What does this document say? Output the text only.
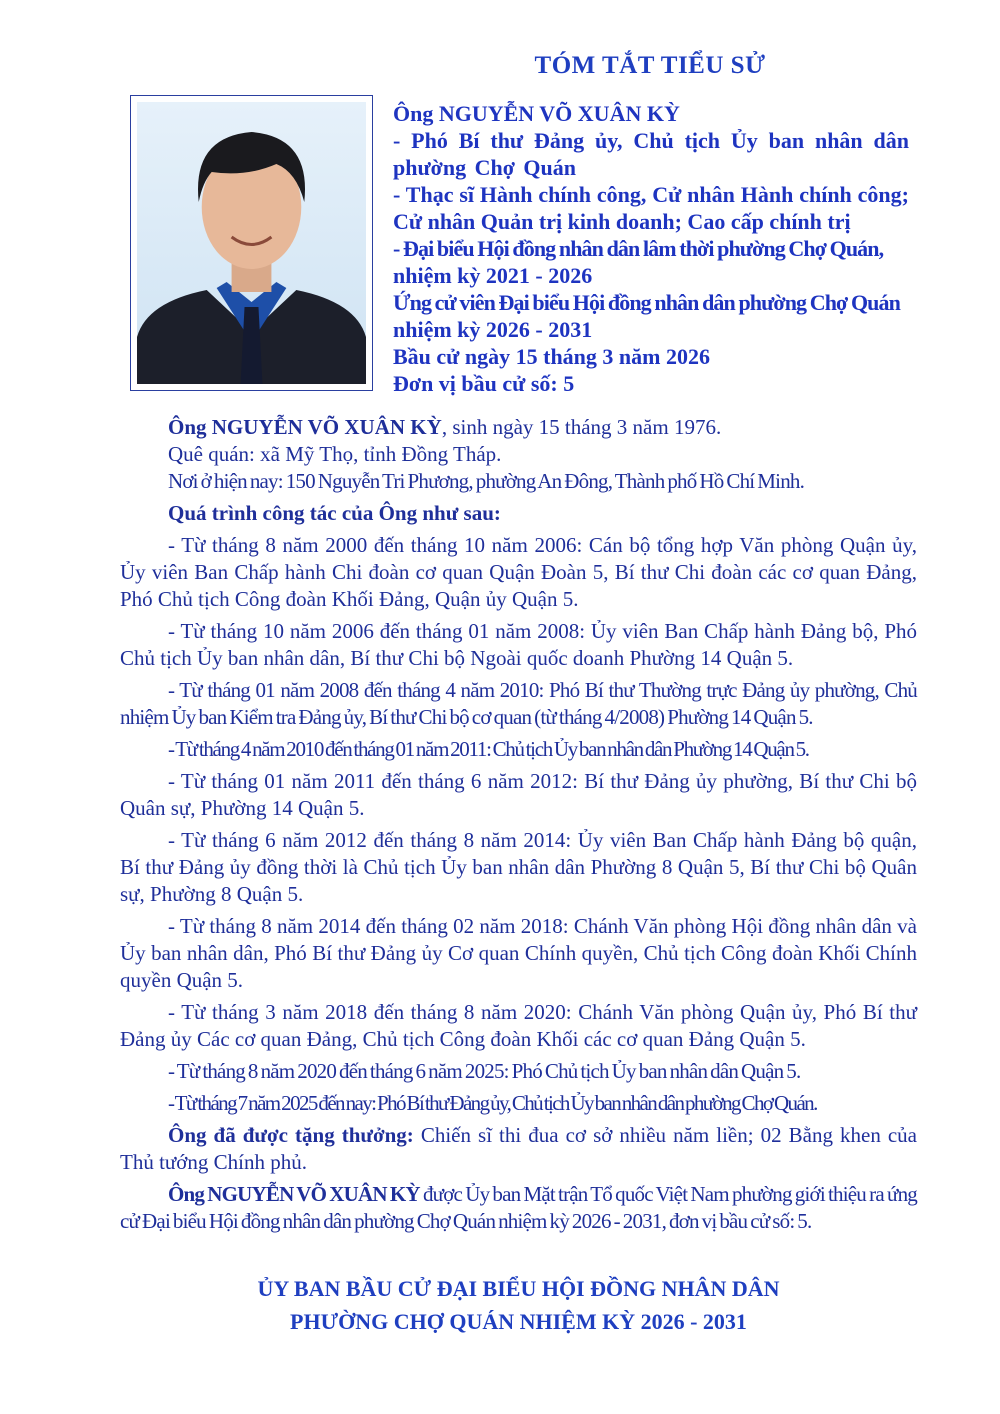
TÓM TẮT TIỂU SỬ
Ông NGUYỄN VÕ XUÂN KỲ
- Phó Bí thư Đảng ủy, Chủ tịch Ủy ban nhân dân phường Chợ Quán
- Thạc sĩ Hành chính công, Cử nhân Hành chính công; Cử nhân Quản trị kinh doanh; Cao cấp chính trị
- Đại biểu Hội đồng nhân dân lâm thời phường Chợ Quán,
nhiệm kỳ 2021 - 2026
Ứng cử viên Đại biểu Hội đồng nhân dân phường Chợ Quán
nhiệm kỳ 2026 - 2031
Bầu cử ngày 15 tháng 3 năm 2026
Đơn vị bầu cử số: 5

Ông NGUYỄN VÕ XUÂN KỲ, sinh ngày 15 tháng 3 năm 1976.

Quê quán: xã Mỹ Thọ, tỉnh Đồng Tháp.

Nơi ở hiện nay: 150 Nguyễn Tri Phương, phường An Đông, Thành phố Hồ Chí Minh.

Quá trình công tác của Ông như sau:

- Từ tháng 8 năm 2000 đến tháng 10 năm 2006: Cán bộ tổng hợp Văn phòng Quận ủy, Ủy viên Ban Chấp hành Chi đoàn cơ quan Quận Đoàn 5, Bí thư Chi đoàn các cơ quan Đảng, Phó Chủ tịch Công đoàn Khối Đảng, Quận ủy Quận 5.

- Từ tháng 10 năm 2006 đến tháng 01 năm 2008: Ủy viên Ban Chấp hành Đảng bộ, Phó Chủ tịch Ủy ban nhân dân, Bí thư Chi bộ Ngoài quốc doanh Phường 14 Quận 5.

- Từ tháng 01 năm 2008 đến tháng 4 năm 2010: Phó Bí thư Thường trực Đảng ủy phường, Chủ nhiệm Ủy ban Kiểm tra Đảng ủy, Bí thư Chi bộ cơ quan (từ tháng 4/2008) Phường 14 Quận 5.

- Từ tháng 4 năm 2010 đến tháng 01 năm 2011: Chủ tịch Ủy ban nhân dân Phường 14 Quận 5.

- Từ tháng 01 năm 2011 đến tháng 6 năm 2012: Bí thư Đảng ủy phường, Bí thư Chi bộ Quân sự, Phường 14 Quận 5.

- Từ tháng 6 năm 2012 đến tháng 8 năm 2014: Ủy viên Ban Chấp hành Đảng bộ quận, Bí thư Đảng ủy đồng thời là Chủ tịch Ủy ban nhân dân Phường 8 Quận 5, Bí thư Chi bộ Quân sự, Phường 8 Quận 5.

- Từ tháng 8 năm 2014 đến tháng 02 năm 2018: Chánh Văn phòng Hội đồng nhân dân và Ủy ban nhân dân, Phó Bí thư Đảng ủy Cơ quan Chính quyền, Chủ tịch Công đoàn Khối Chính quyền Quận 5.

- Từ tháng 3 năm 2018 đến tháng 8 năm 2020: Chánh Văn phòng Quận ủy, Phó Bí thư Đảng ủy Các cơ quan Đảng, Chủ tịch Công đoàn Khối các cơ quan Đảng Quận 5.

- Từ tháng 8 năm 2020 đến tháng 6 năm 2025: Phó Chủ tịch Ủy ban nhân dân Quận 5.

- Từ tháng 7 năm 2025 đến nay: Phó Bí thư Đảng ủy, Chủ tịch Ủy ban nhân dân phường Chợ Quán.

Ông đã được tặng thưởng: Chiến sĩ thi đua cơ sở nhiều năm liền; 02 Bằng khen của Thủ tướng Chính phủ.

Ông NGUYỄN VÕ XUÂN KỲ được Ủy ban Mặt trận Tổ quốc Việt Nam phường giới thiệu ra ứng cử Đại biểu Hội đồng nhân dân phường Chợ Quán nhiệm kỳ 2026 - 2031, đơn vị bầu cử số: 5.

ỦY BAN BẦU CỬ ĐẠI BIỂU HỘI ĐỒNG NHÂN DÂN
PHƯỜNG CHỢ QUÁN NHIỆM KỲ 2026 - 2031
